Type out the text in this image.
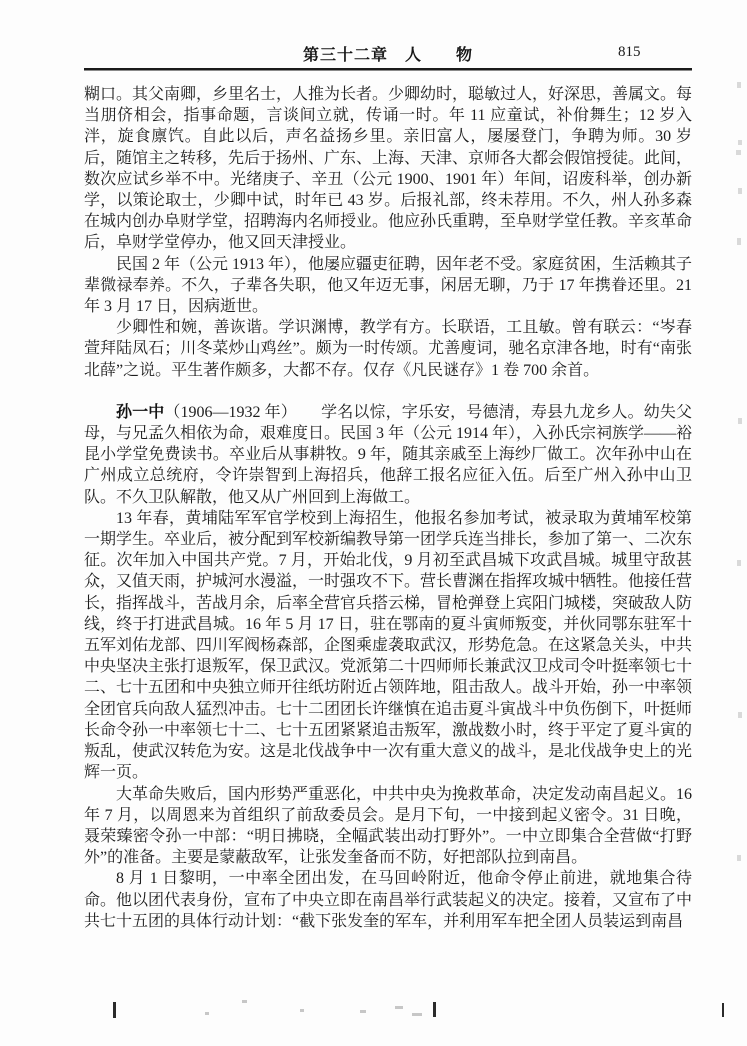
第三十二章　人　　物	815

糊口。其父南卿，乡里名士，人推为长者。少卿幼时，聪敏过人，好深思，善属文。每当朋侪相会，指事命题，言谈间立就，传诵一时。年 11 应童试，补佾舞生；12 岁入泮，旋食廪饩。自此以后，声名益扬乡里。亲旧富人，屡屡登门，争聘为师。30 岁后，随馆主之转移，先后于扬州、广东、上海、天津、京师各大都会假馆授徒。此间，数次应试乡举不中。光绪庚子、辛丑（公元 1900、1901 年）年间，诏废科举，创办新学，以策论取士，少卿中试，时年已 43 岁。后报礼部，终未荐用。不久，州人孙多森在城内创办阜财学堂，招聘海内名师授业。他应孙氏重聘，至阜财学堂任教。辛亥革命后，阜财学堂停办，他又回天津授业。

民国 2 年（公元 1913 年），他屡应疆吏征聘，因年老不受。家庭贫困，生活赖其子辈微禄奉养。不久，子辈各失职，他又年迈无事，闲居无聊，乃于 17 年携眷还里。21 年 3 月 17 日，因病逝世。

少卿性和婉，善诙谐。学识渊博，教学有方。长联语，工且敏。曾有联云：“岑春萱拜陆凤石；川冬菜炒山鸡丝”。颇为一时传颂。尤善廋词，驰名京津各地，时有“南张北薛”之说。平生著作颇多，大都不存。仅存《凡民谜存》1 卷 700 余首。

孙一中（1906—1932 年）　　学名以悰，字乐安，号德清，寿县九龙乡人。幼失父母，与兄孟久相依为命，艰难度日。民国 3 年（公元 1914 年），入孙氏宗祠族学——裕昆小学堂免费读书。卒业后从事耕牧。9 年，随其亲戚至上海纱厂做工。次年孙中山在广州成立总统府，令许崇智到上海招兵，他辞工报名应征入伍。后至广州入孙中山卫队。不久卫队解散，他又从广州回到上海做工。

13 年春，黄埔陆军军官学校到上海招生，他报名参加考试，被录取为黄埔军校第一期学生。卒业后，被分配到军校新编教导第一团学兵连当排长，参加了第一、二次东征。次年加入中国共产党。7 月，开始北伐，9 月初至武昌城下攻武昌城。城里守敌甚众，又值天雨，护城河水漫溢，一时强攻不下。营长曹渊在指挥攻城中牺牲。他接任营长，指挥战斗，苦战月余，后率全营官兵搭云梯，冒枪弹登上宾阳门城楼，突破敌人防线，终于打进武昌城。16 年 5 月 17 日，驻在鄂南的夏斗寅师叛变，并伙同鄂东驻军十五军刘佑龙部、四川军阀杨森部，企图乘虚袭取武汉，形势危急。在这紧急关头，中共中央坚决主张打退叛军，保卫武汉。党派第二十四师师长兼武汉卫戍司令叶挺率领七十二、七十五团和中央独立师开往纸坊附近占领阵地，阻击敌人。战斗开始，孙一中率领全团官兵向敌人猛烈冲击。七十二团团长许继慎在追击夏斗寅战斗中负伤倒下，叶挺师长命令孙一中率领七十二、七十五团紧紧追击叛军，激战数小时，终于平定了夏斗寅的叛乱，使武汉转危为安。这是北伐战争中一次有重大意义的战斗，是北伐战争史上的光辉一页。

大革命失败后，国内形势严重恶化，中共中央为挽救革命，决定发动南昌起义。16 年 7 月，以周恩来为首组织了前敌委员会。是月下旬，一中接到起义密令。31 日晚，聂荣臻密令孙一中部：“明日拂晓，全幅武装出动打野外”。一中立即集合全营做“打野外”的准备。主要是蒙蔽敌军，让张发奎备而不防，好把部队拉到南昌。

8 月 1 日黎明，一中率全团出发，在马回岭附近，他命令停止前进，就地集合待命。他以团代表身份，宣布了中央立即在南昌举行武装起义的决定。接着，又宣布了中共七十五团的具体行动计划：“截下张发奎的军车，并利用军车把全团人员装运到南昌
